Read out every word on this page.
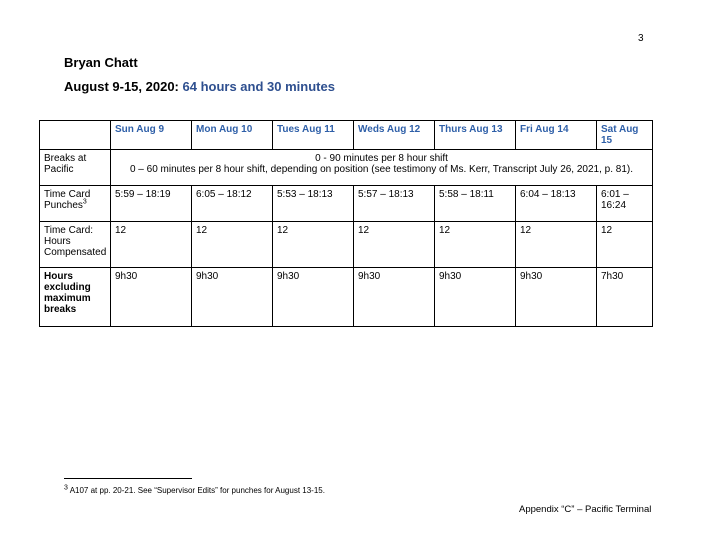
3
Bryan Chatt
August 9-15, 2020: 64 hours and 30 minutes
	Sun Aug 9	Mon Aug 10	Tues Aug 11	Weds Aug 12	Thurs Aug 13	Fri Aug 14	Sat Aug 15
Breaks at Pacific	0 - 90 minutes per 8 hour shift
0 – 60 minutes per 8 hour shift, depending on position (see testimony of Ms. Kerr, Transcript July 26, 2021, p. 81).						

Time Card Punches$^3$	5:59 – 18:19	6:05 – 18:12	5:53 – 18:13	5:57 – 18:13	5:58 – 18:11	6:04 – 18:13	6:01 – 16:24
Time Card: Hours Compensated	12	12	12	12	12	12	12
Hours excluding maximum breaks	9h30	9h30	9h30	9h30	9h30	9h30	7h30
$^3$ A107 at pp. 20-21. See “Supervisor Edits” for punches for August 13-15.
Appendix “C” – Pacific Terminal
